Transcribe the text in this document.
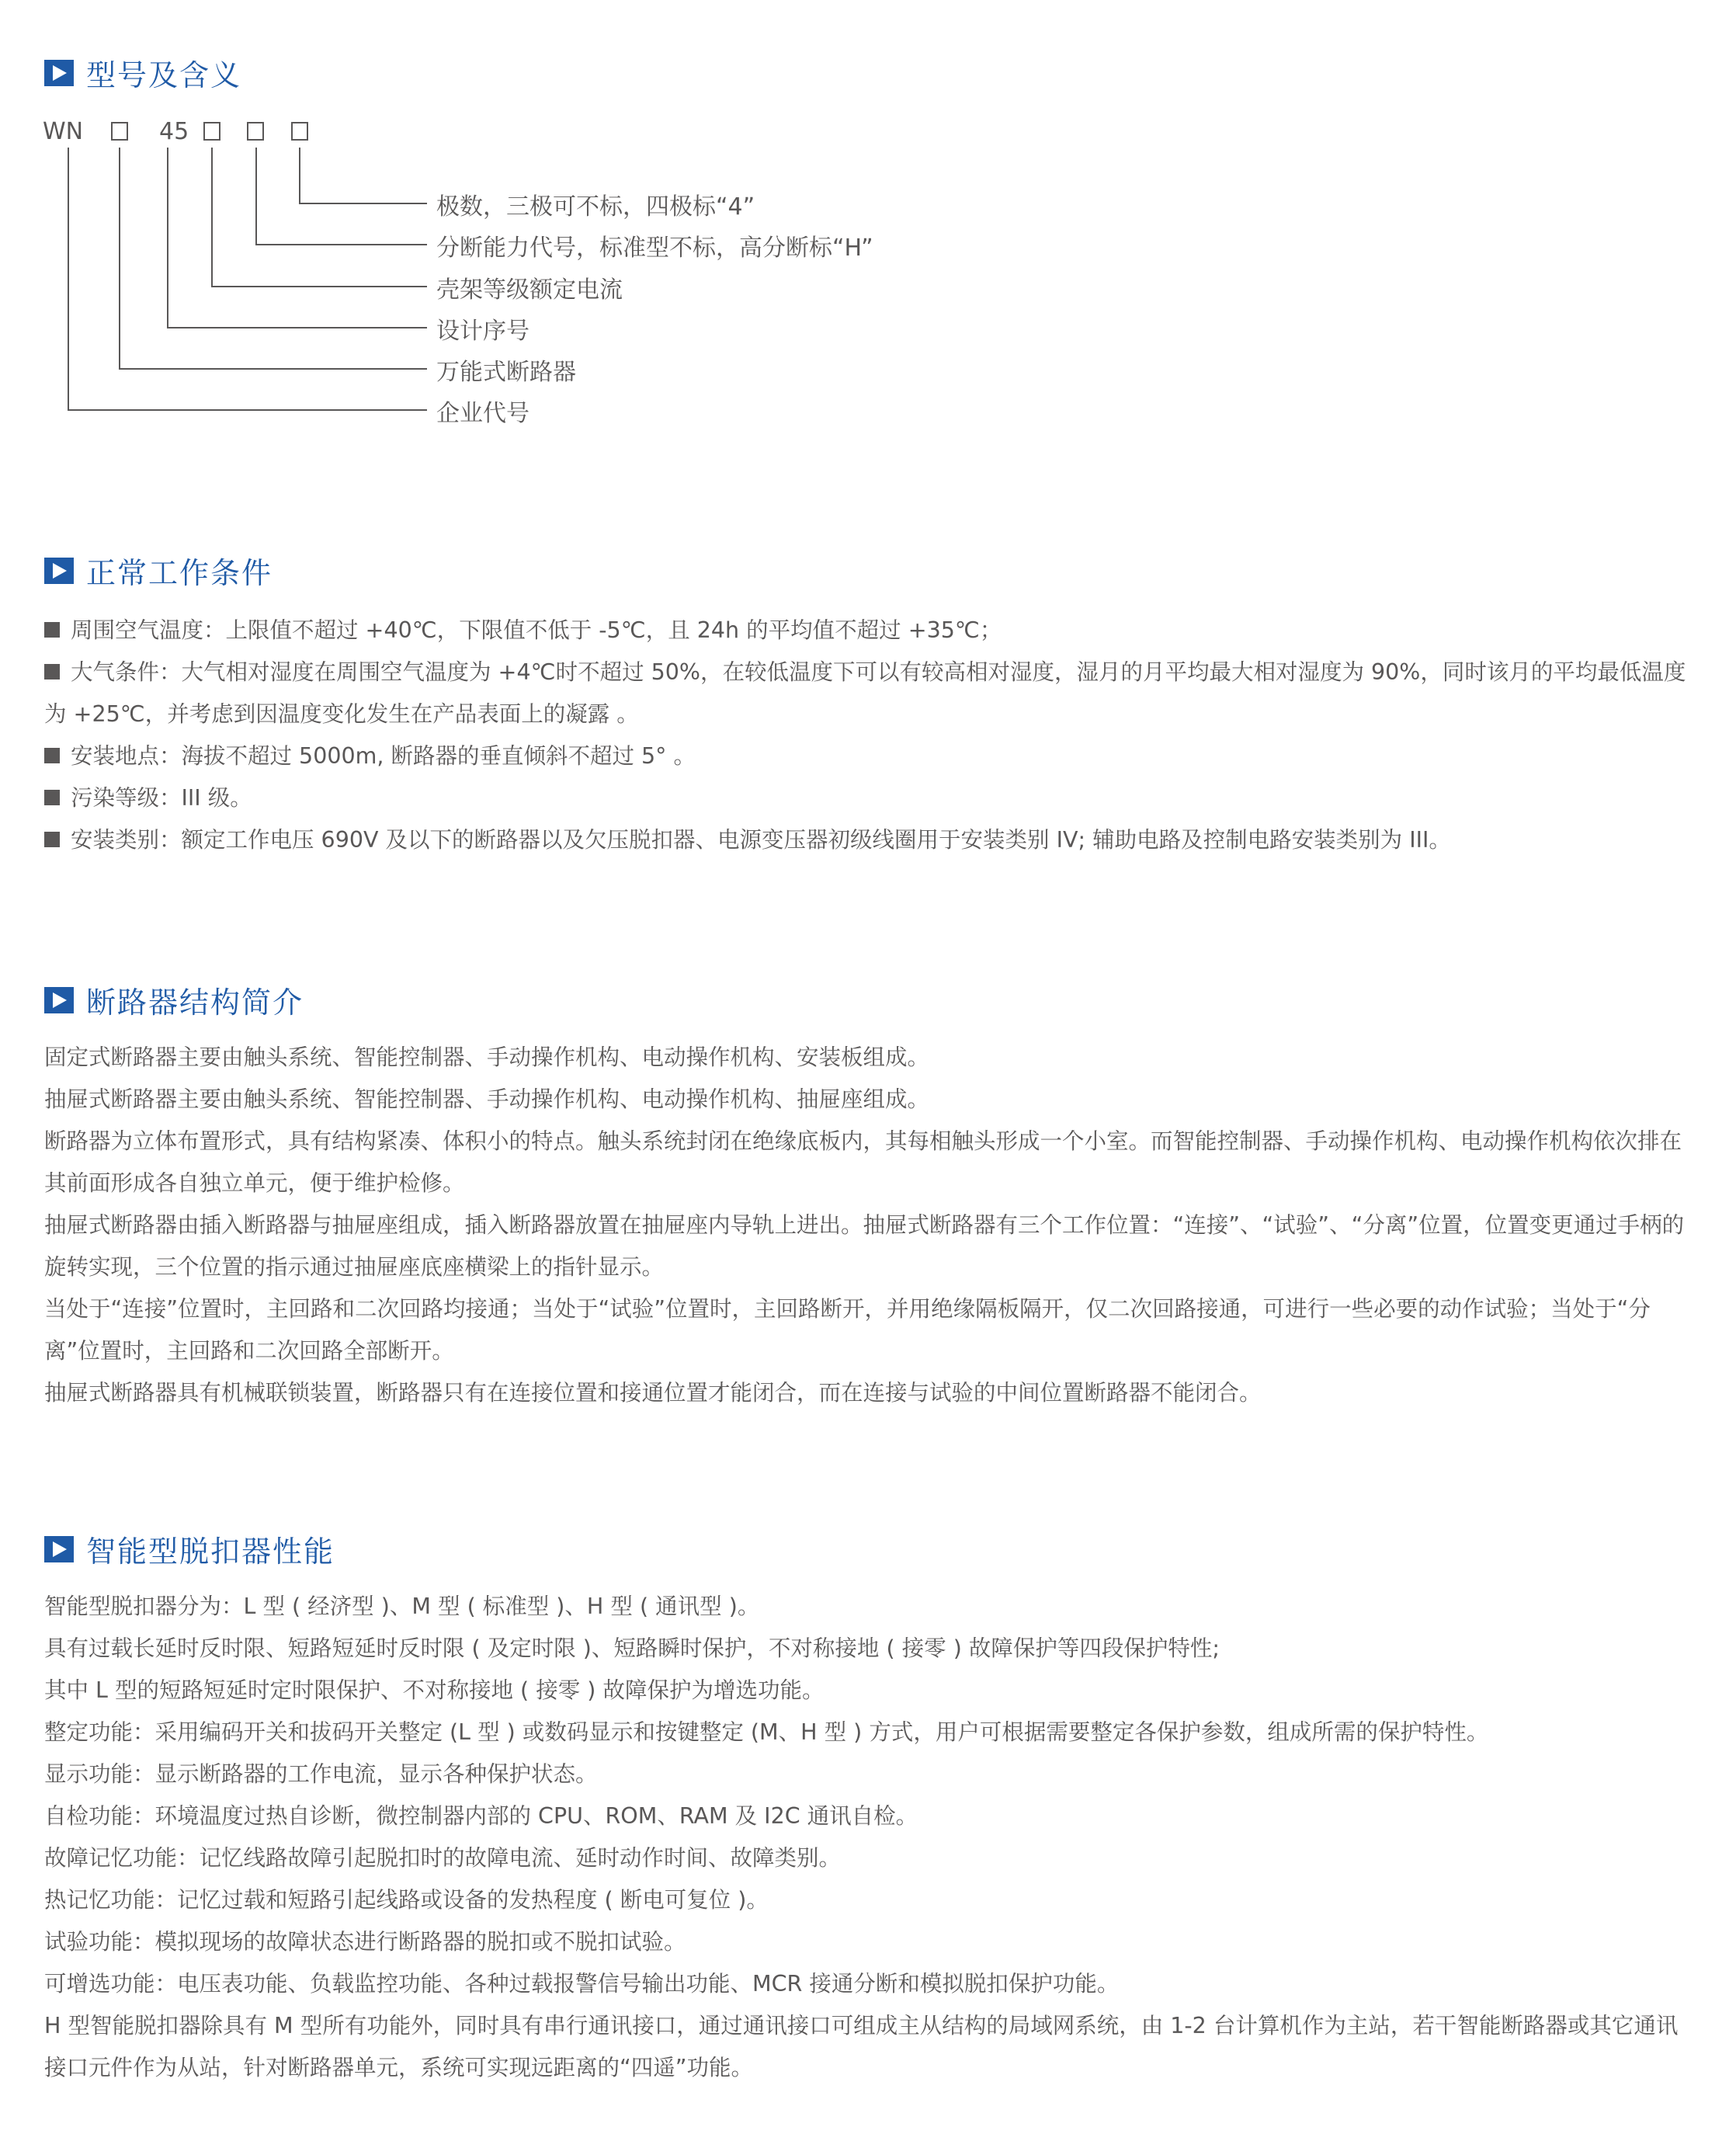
型号及含义
WN	45
极数，三极可不标，四极标“4”
分断能力代号，标准型不标，高分断标“H”
壳架等级额定电流
设计序号
万能式断路器
企业代号
正常工作条件

周围空气温度：上限值不超过 +40℃，下限值不低于 -5℃，且 24h 的平均值不超过 +35℃；

大气条件：大气相对湿度在周围空气温度为 +4℃时不超过 50%，在较低温度下可以有较高相对湿度，湿月的月平均最大相对湿度为 90%，同时该月的平均最低温度为 +25℃，并考虑到因温度变化发生在产品表面上的凝露 。

安装地点：海拔不超过 5000m, 断路器的垂直倾斜不超过 5° 。

污染等级：III 级。

安装类别：额定工作电压 690V 及以下的断路器以及欠压脱扣器、电源变压器初级线圈用于安装类别 IV; 辅助电路及控制电路安装类别为 III。

断路器结构简介

固定式断路器主要由触头系统、智能控制器、手动操作机构、电动操作机构、安装板组成。

抽屉式断路器主要由触头系统、智能控制器、手动操作机构、电动操作机构、抽屉座组成。

断路器为立体布置形式，具有结构紧凑、体积小的特点。触头系统封闭在绝缘底板内，其每相触头形成一个小室。而智能控制器、手动操作机构、电动操作机构依次排在其前面形成各自独立单元，便于维护检修。

抽屉式断路器由插入断路器与抽屉座组成，插入断路器放置在抽屉座内导轨上进出。抽屉式断路器有三个工作位置：“连接”、“试验”、“分离”位置，位置变更通过手柄的旋转实现，三个位置的指示通过抽屉座底座横梁上的指针显示。

当处于“连接”位置时，主回路和二次回路均接通；当处于“试验”位置时，主回路断开，并用绝缘隔板隔开，仅二次回路接通，可进行一些必要的动作试验；当处于“分离”位置时，主回路和二次回路全部断开。

抽屉式断路器具有机械联锁装置，断路器只有在连接位置和接通位置才能闭合，而在连接与试验的中间位置断路器不能闭合。

智能型脱扣器性能

智能型脱扣器分为：L 型 ( 经济型 )、M 型 ( 标准型 )、H 型 ( 通讯型 )。

具有过载长延时反时限、短路短延时反时限 ( 及定时限 )、短路瞬时保护，不对称接地 ( 接零 ) 故障保护等四段保护特性;

其中 L 型的短路短延时定时限保护、不对称接地 ( 接零 ) 故障保护为增选功能。

整定功能：采用编码开关和拔码开关整定 (L 型 ) 或数码显示和按键整定 (M、H 型 ) 方式，用户可根据需要整定各保护参数，组成所需的保护特性。

显示功能：显示断路器的工作电流，显示各种保护状态。

自检功能：环境温度过热自诊断，微控制器内部的 CPU、ROM、RAM 及 I2C 通讯自检。

故障记忆功能：记忆线路故障引起脱扣时的故障电流、延时动作时间、故障类别。

热记忆功能：记忆过载和短路引起线路或设备的发热程度 ( 断电可复位 )。

试验功能：模拟现场的故障状态进行断路器的脱扣或不脱扣试验。

可增选功能：电压表功能、负载监控功能、各种过载报警信号输出功能、MCR 接通分断和模拟脱扣保护功能。

H 型智能脱扣器除具有 M 型所有功能外，同时具有串行通讯接口，通过通讯接口可组成主从结构的局域网系统，由 1-2 台计算机作为主站，若干智能断路器或其它通讯接口元件作为从站，针对断路器单元，系统可实现远距离的“四遥”功能。
